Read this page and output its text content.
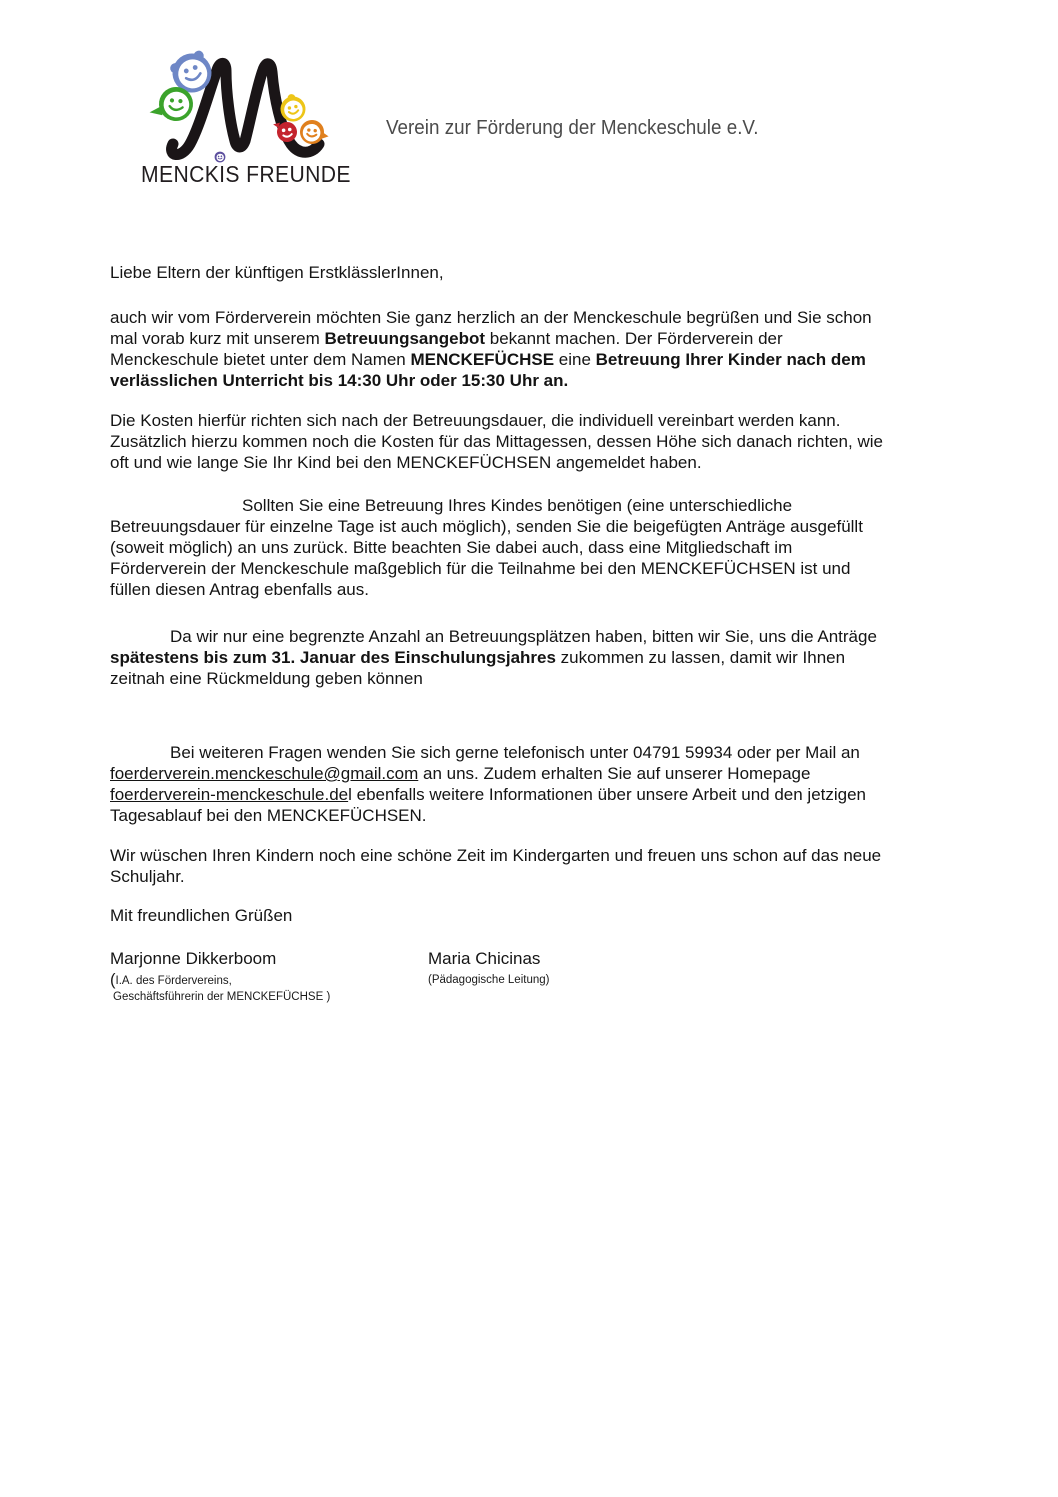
MENCKIS FREUNDE
Verein zur Förderung der Menckeschule e.V.

Liebe Eltern der künftigen ErstklässlerInnen,

auch wir vom Förderverein möchten Sie ganz herzlich an der Menckeschule begrüßen und Sie schon
mal vorab kurz mit unserem Betreuungsangebot bekannt machen. Der Förderverein der
Menckeschule bietet unter dem Namen MENCKEFÜCHSE eine Betreuung Ihrer Kinder nach dem
verlässlichen Unterricht bis 14:30 Uhr oder 15:30 Uhr an.

Die Kosten hierfür richten sich nach der Betreuungsdauer, die individuell vereinbart werden kann.
Zusätzlich hierzu kommen noch die Kosten für das Mittagessen, dessen Höhe sich danach richten, wie
oft und wie lange Sie Ihr Kind bei den MENCKEFÜCHSEN angemeldet haben.

Sollten Sie eine Betreuung Ihres Kindes benötigen (eine unterschiedliche
Betreuungsdauer für einzelne Tage ist auch möglich), senden Sie die beigefügten Anträge ausgefüllt
(soweit möglich) an uns zurück. Bitte beachten Sie dabei auch, dass eine Mitgliedschaft im
Förderverein der Menckeschule maßgeblich für die Teilnahme bei den MENCKEFÜCHSEN ist und
füllen diesen Antrag ebenfalls aus.

Da wir nur eine begrenzte Anzahl an Betreuungsplätzen haben, bitten wir Sie, uns die Anträge
spätestens bis zum 31. Januar des Einschulungsjahres zukommen zu lassen, damit wir Ihnen
zeitnah eine Rückmeldung geben können

Bei weiteren Fragen wenden Sie sich gerne telefonisch unter 04791 59934 oder per Mail an
foerderverein.menckeschule@gmail.com an uns. Zudem erhalten Sie auf unserer Homepage
foerderverein-menckeschule.del ebenfalls weitere Informationen über unsere Arbeit und den jetzigen
Tagesablauf bei den MENCKEFÜCHSEN.

Wir wüschen Ihren Kindern noch eine schöne Zeit im Kindergarten und freuen uns schon auf das neue
Schuljahr.

Mit freundlichen Grüßen

Marjonne Dikkerboom
(I.A. des Fördervereins,
Geschäftsführerin der MENCKEFÜCHSE )
Maria Chicinas
(Pädagogische Leitung)
